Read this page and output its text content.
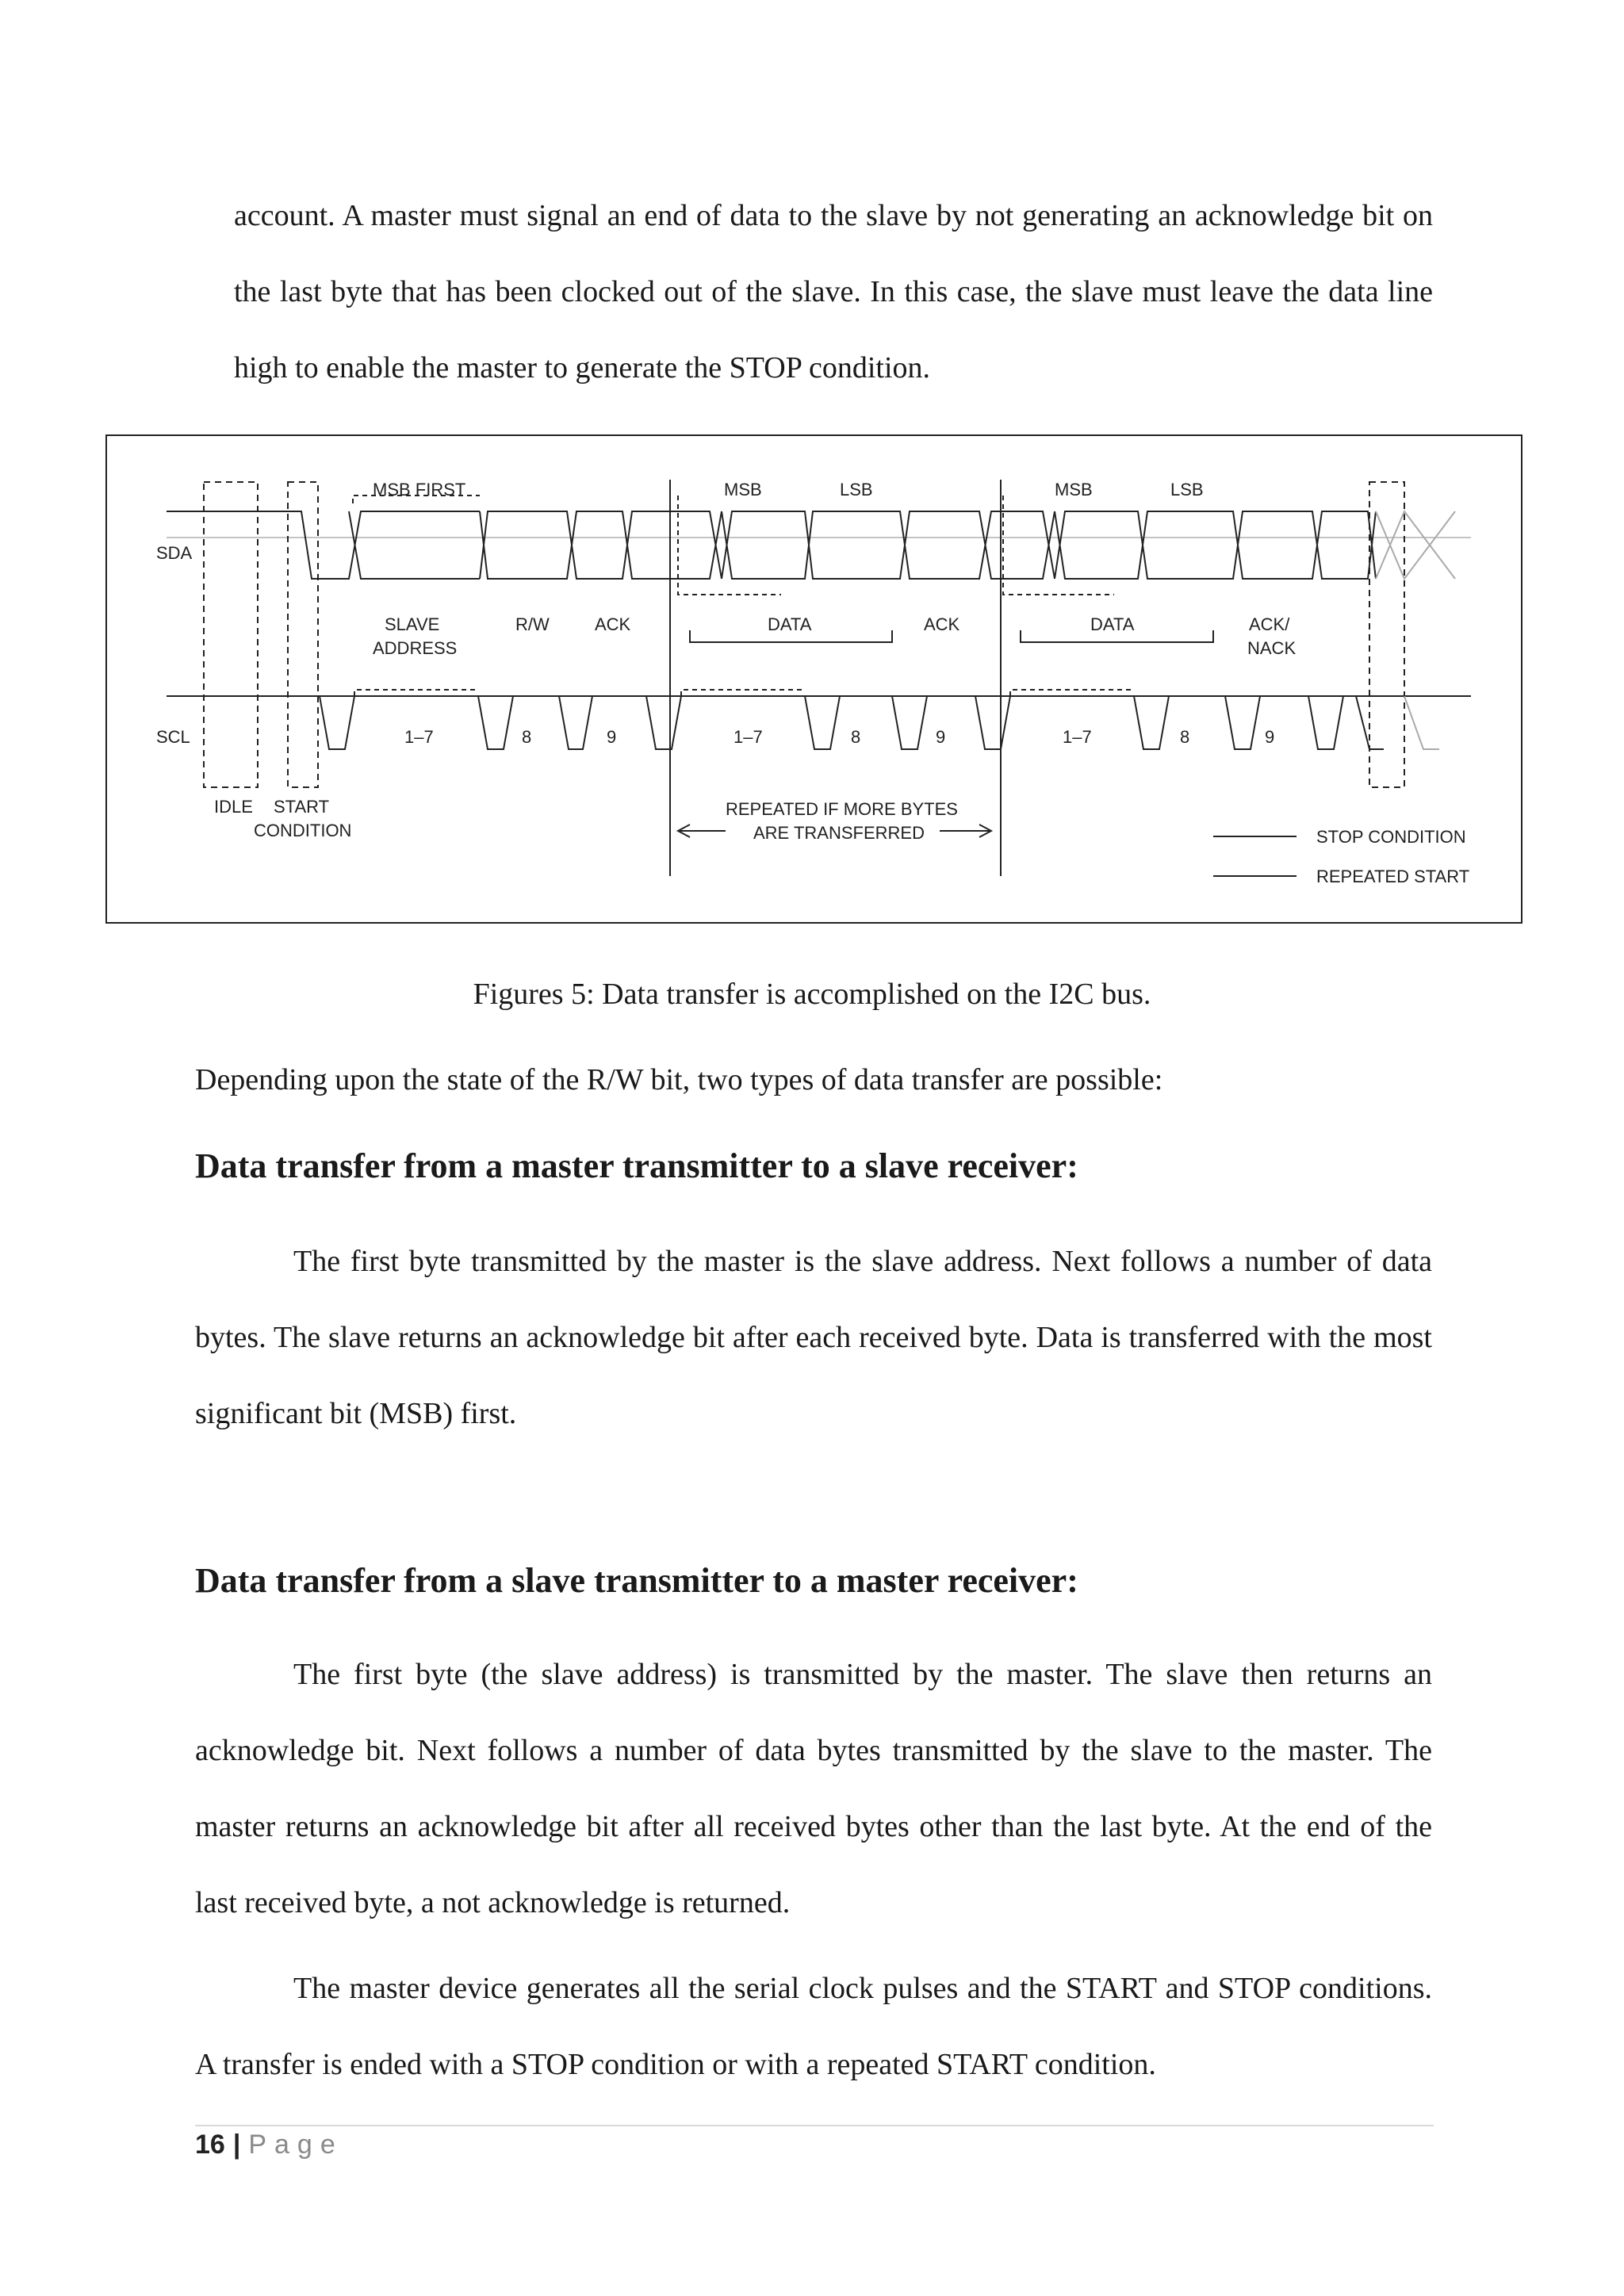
account. A master must signal an end of data to the slave by not generating an acknowledge bit on the last byte that has been clocked out of the slave. In this case, the slave must leave the data line high to enable the master to generate the STOP condition.

SDA
SCL
MSB FIRST	MSB	LSB	MSB	LSB
SLAVE
ADDRESS
R/W	ACK	DATA	ACK	DATA	ACK/
NACK
1–7	8	9	1–7	8	9	1–7	8	9
IDLE START
CONDITION
REPEATED IF MORE BYTES
ARE TRANSFERRED	STOP CONDITION
REPEATED START

Figures 5: Data transfer is accomplished on the I2C bus.

Depending upon the state of the R/W bit, two types of data transfer are possible:

Data transfer from a master transmitter to a slave receiver:

The first byte transmitted by the master is the slave address. Next follows a number of data bytes. The slave returns an acknowledge bit after each received byte. Data is transferred with the most significant bit (MSB) first.

Data transfer from a slave transmitter to a master receiver:

The first byte (the slave address) is transmitted by the master. The slave then returns an acknowledge bit. Next follows a number of data bytes transmitted by the slave to the master. The master returns an acknowledge bit after all received bytes other than the last byte. At the end of the last received byte, a not acknowledge is returned.

The master device generates all the serial clock pulses and the START and STOP conditions. A transfer is ended with a STOP condition or with a repeated START condition.

16 | Page
